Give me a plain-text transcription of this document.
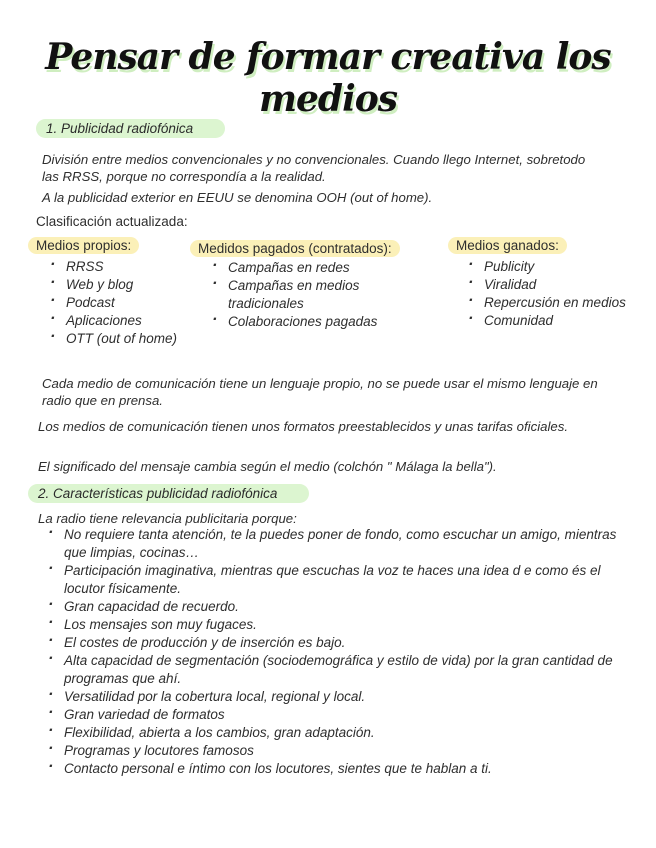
Pensar de formar creativa los medios
1. Publicidad radiofónica
División entre medios convencionales y no convencionales. Cuando llego Internet, sobretodo las RRSS, porque no correspondía a la realidad.
A la publicidad exterior en EEUU se denomina OOH (out of home).
Clasificación actualizada:
Medios propios:	Medidos pagados (contratados):	Medios ganados:
· RRSS
· Web y blog
· Podcast
· Aplicaciones
· OTT (out of home)
· Campañas en redes
· Campañas en medios tradicionales
· Colaboraciones pagadas
· Publicity
· Viralidad
· Repercusión en medios
· Comunidad
Cada medio de comunicación tiene un lenguaje propio, no se puede usar el mismo lenguaje en radio que en prensa.
Los medios de comunicación tienen unos formatos preestablecidos y unas tarifas oficiales.
El significado del mensaje cambia según el medio (colchón " Málaga la bella").
2. Características publicidad radiofónica
La radio tiene relevancia publicitaria porque:
· No requiere tanta atención, te la puedes poner de fondo, como escuchar un amigo, mientras que limpias, cocinas…
· Participación imaginativa, mientras que escuchas la voz te haces una idea d e como és el locutor físicamente.
· Gran capacidad de recuerdo.
· Los mensajes son muy fugaces.
· El costes de producción y de inserción es bajo.
· Alta capacidad de segmentación (sociodemográfica y estilo de vida) por la gran cantidad de programas que ahí.
· Versatilidad por la cobertura local, regional y local.
· Gran variedad de formatos
· Flexibilidad, abierta a los cambios, gran adaptación.
· Programas y locutores famosos
· Contacto personal e íntimo con los locutores, sientes que te hablan a ti.
